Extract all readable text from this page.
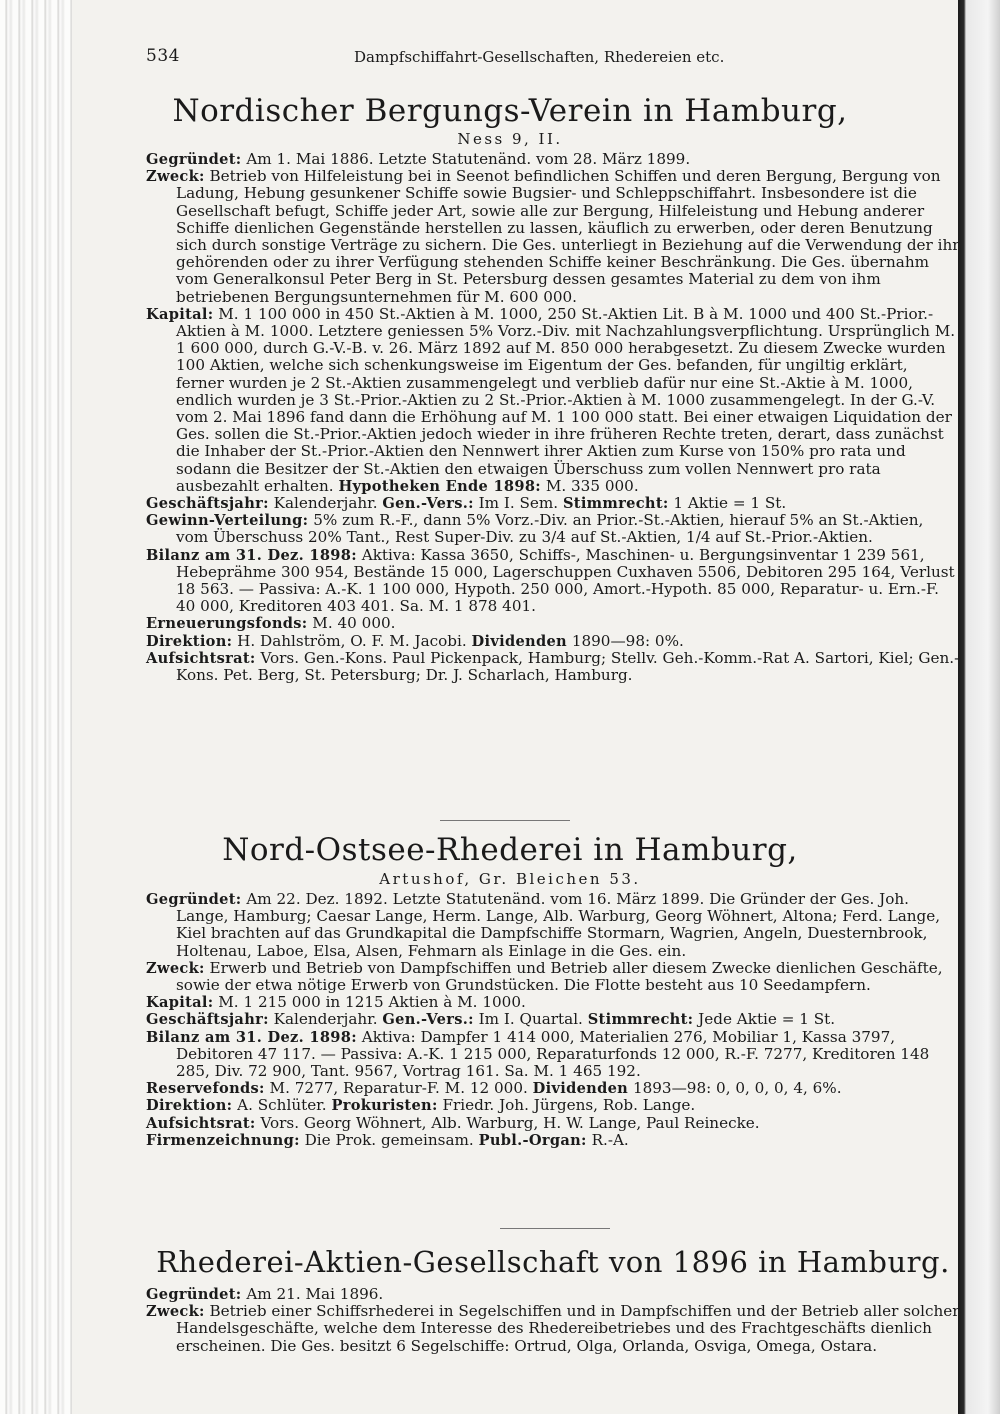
534	Dampfschiffahrt-Gesellschaften, Rhedereien etc.
Nordischer Bergungs-Verein in Hamburg,
Ness 9, II.

Gegründet: Am 1. Mai 1886. Letzte Statutenänd. vom 28. März 1899.

Zweck: Betrieb von Hilfeleistung bei in Seenot befindlichen Schiffen und deren Bergung, Bergung von Ladung, Hebung gesunkener Schiffe sowie Bugsier- und Schleppschiffahrt. Insbesondere ist die Gesellschaft befugt, Schiffe jeder Art, sowie alle zur Bergung, Hilfeleistung und Hebung anderer Schiffe dienlichen Gegenstände herstellen zu lassen, käuflich zu erwerben, oder deren Benutzung sich durch sonstige Verträge zu sichern. Die Ges. unterliegt in Beziehung auf die Verwendung der ihr gehörenden oder zu ihrer Verfügung stehenden Schiffe keiner Beschränkung. Die Ges. übernahm vom Generalkonsul Peter Berg in St. Petersburg dessen gesamtes Material zu dem von ihm betriebenen Bergungsunternehmen für M. 600 000.

Kapital: M. 1 100 000 in 450 St.-Aktien à M. 1000, 250 St.-Aktien Lit. B à M. 1000 und 400 St.-Prior.-Aktien à M. 1000. Letztere geniessen 5% Vorz.-Div. mit Nachzahlungsverpflichtung. Ursprünglich M. 1 600 000, durch G.-V.-B. v. 26. März 1892 auf M. 850 000 herabgesetzt. Zu diesem Zwecke wurden 100 Aktien, welche sich schenkungsweise im Eigentum der Ges. befanden, für ungiltig erklärt, ferner wurden je 2 St.-Aktien zusammengelegt und verblieb dafür nur eine St.-Aktie à M. 1000, endlich wurden je 3 St.-Prior.-Aktien zu 2 St.-Prior.-Aktien à M. 1000 zusammengelegt. In der G.-V. vom 2. Mai 1896 fand dann die Erhöhung auf M. 1 100 000 statt. Bei einer etwaigen Liquidation der Ges. sollen die St.-Prior.-Aktien jedoch wieder in ihre früheren Rechte treten, derart, dass zunächst die Inhaber der St.-Prior.-Aktien den Nennwert ihrer Aktien zum Kurse von 150% pro rata und sodann die Besitzer der St.-Aktien den etwaigen Überschuss zum vollen Nennwert pro rata ausbezahlt erhalten. Hypotheken Ende 1898: M. 335 000.

Geschäftsjahr: Kalenderjahr. Gen.-Vers.: Im I. Sem. Stimmrecht: 1 Aktie = 1 St.

Gewinn-Verteilung: 5% zum R.-F., dann 5% Vorz.-Div. an Prior.-St.-Aktien, hierauf 5% an St.-Aktien, vom Überschuss 20% Tant., Rest Super-Div. zu 3/4 auf St.-Aktien, 1/4 auf St.-Prior.-Aktien.

Bilanz am 31. Dez. 1898: Aktiva: Kassa 3650, Schiffs-, Maschinen- u. Bergungsinventar 1 239 561, Hebeprähme 300 954, Bestände 15 000, Lagerschuppen Cuxhaven 5506, Debitoren 295 164, Verlust 18 563. — Passiva: A.-K. 1 100 000, Hypoth. 250 000, Amort.-Hypoth. 85 000, Reparatur- u. Ern.-F. 40 000, Kreditoren 403 401. Sa. M. 1 878 401.

Erneuerungsfonds: M. 40 000.

Direktion: H. Dahlström, O. F. M. Jacobi. Dividenden 1890—98: 0%.

Aufsichtsrat: Vors. Gen.-Kons. Paul Pickenpack, Hamburg; Stellv. Geh.-Komm.-Rat A. Sartori, Kiel; Gen.-Kons. Pet. Berg, St. Petersburg; Dr. J. Scharlach, Hamburg.

Nord-Ostsee-Rhederei in Hamburg,
Artushof, Gr. Bleichen 53.

Gegründet: Am 22. Dez. 1892. Letzte Statutenänd. vom 16. März 1899. Die Gründer der Ges. Joh. Lange, Hamburg; Caesar Lange, Herm. Lange, Alb. Warburg, Georg Wöhnert, Altona; Ferd. Lange, Kiel brachten auf das Grundkapital die Dampfschiffe Stormarn, Wagrien, Angeln, Duesternbrook, Holtenau, Laboe, Elsa, Alsen, Fehmarn als Einlage in die Ges. ein.

Zweck: Erwerb und Betrieb von Dampfschiffen und Betrieb aller diesem Zwecke dienlichen Geschäfte, sowie der etwa nötige Erwerb von Grundstücken. Die Flotte besteht aus 10 Seedampfern.

Kapital: M. 1 215 000 in 1215 Aktien à M. 1000.

Geschäftsjahr: Kalenderjahr. Gen.-Vers.: Im I. Quartal. Stimmrecht: Jede Aktie = 1 St.

Bilanz am 31. Dez. 1898: Aktiva: Dampfer 1 414 000, Materialien 276, Mobiliar 1, Kassa 3797, Debitoren 47 117. — Passiva: A.-K. 1 215 000, Reparaturfonds 12 000, R.-F. 7277, Kreditoren 148 285, Div. 72 900, Tant. 9567, Vortrag 161. Sa. M. 1 465 192.

Reservefonds: M. 7277, Reparatur-F. M. 12 000. Dividenden 1893—98: 0, 0, 0, 0, 4, 6%.

Direktion: A. Schlüter. Prokuristen: Friedr. Joh. Jürgens, Rob. Lange.

Aufsichtsrat: Vors. Georg Wöhnert, Alb. Warburg, H. W. Lange, Paul Reinecke.

Firmenzeichnung: Die Prok. gemeinsam. Publ.-Organ: R.-A.

Rhederei-Aktien-Gesellschaft von 1896 in Hamburg.

Gegründet: Am 21. Mai 1896.

Zweck: Betrieb einer Schiffsrhederei in Segelschiffen und in Dampfschiffen und der Betrieb aller solcher Handelsgeschäfte, welche dem Interesse des Rhedereibetriebes und des Frachtgeschäfts dienlich erscheinen. Die Ges. besitzt 6 Segelschiffe: Ortrud, Olga, Orlanda, Osviga, Omega, Ostara.
